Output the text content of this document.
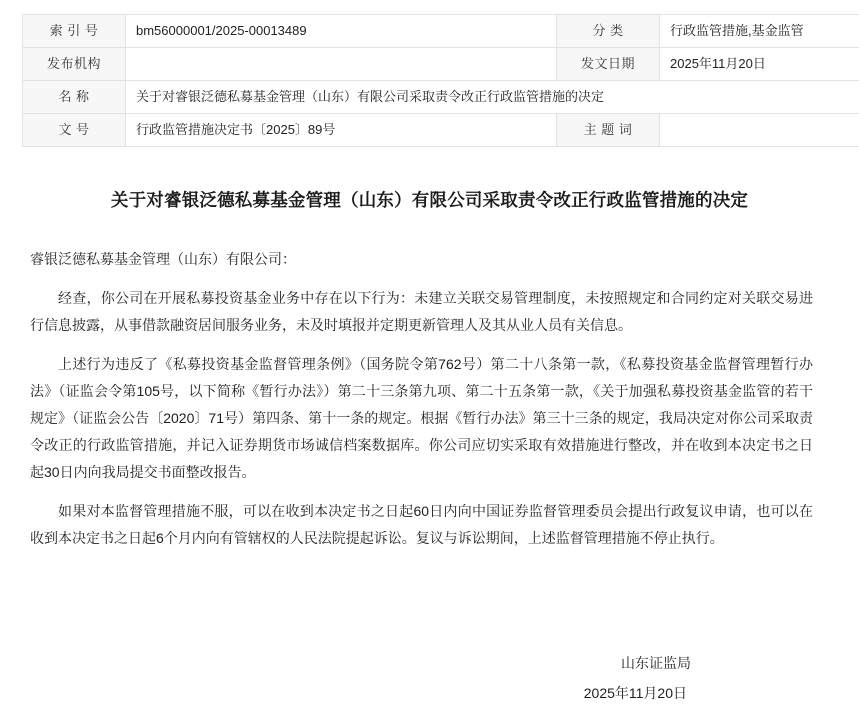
索 引 号	bm56000001/2025-00013489	分 类	行政监管措施,基金监管
发布机构		发文日期	2025年11月20日
名 称	关于对睿银泛德私募基金管理（山东）有限公司采取责令改正行政监管措施的决定		
文 号	行政监管措施决定书〔2025〕89号	主 题 词	
关于对睿银泛德私募基金管理（山东）有限公司采取责令改正行政监管措施的决定

睿银泛德私募基金管理（山东）有限公司：

经查，你公司在开展私募投资基金业务中存在以下行为：未建立关联交易管理制度，未按照规定和合同约定对关联交易进行信息披露，从事借款融资居间服务业务，未及时填报并定期更新管理人及其从业人员有关信息。

上述行为违反了《私募投资基金监督管理条例》（国务院令第762号）第二十八条第一款，《私募投资基金监督管理暂行办法》（证监会令第105号，以下简称《暂行办法》）第二十三条第九项、第二十五条第一款，《关于加强私募投资基金监管的若干规定》（证监会公告〔2020〕71号）第四条、第十一条的规定。根据《暂行办法》第三十三条的规定，我局决定对你公司采取责令改正的行政监管措施，并记入证券期货市场诚信档案数据库。你公司应切实采取有效措施进行整改，并在收到本决定书之日起30日内向我局提交书面整改报告。

如果对本监督管理措施不服，可以在收到本决定书之日起60日内向中国证券监督管理委员会提出行政复议申请，也可以在收到本决定书之日起6个月内向有管辖权的人民法院提起诉讼。复议与诉讼期间，上述监督管理措施不停止执行。

山东证监局
2025年11月20日
